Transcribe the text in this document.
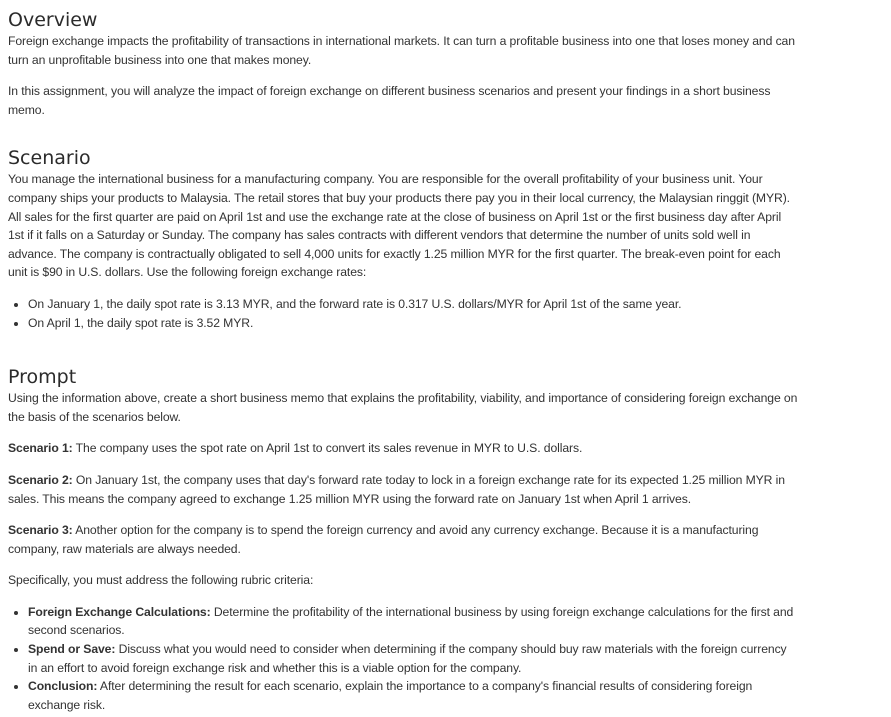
Overview

Foreign exchange impacts the profitability of transactions in international markets. It can turn a profitable business into one that loses money and can turn an unprofitable business into one that makes money.

In this assignment, you will analyze the impact of foreign exchange on different business scenarios and present your findings in a short business memo.

Scenario

You manage the international business for a manufacturing company. You are responsible for the overall profitability of your business unit. Your company ships your products to Malaysia. The retail stores that buy your products there pay you in their local currency, the Malaysian ringgit (MYR). All sales for the first quarter are paid on April 1st and use the exchange rate at the close of business on April 1st or the first business day after April 1st if it falls on a Saturday or Sunday. The company has sales contracts with different vendors that determine the number of units sold well in advance. The company is contractually obligated to sell 4,000 units for exactly 1.25 million MYR for the first quarter. The break-even point for each unit is $90 in U.S. dollars. Use the following foreign exchange rates:

• On January 1, the daily spot rate is 3.13 MYR, and the forward rate is 0.317 U.S. dollars/MYR for April 1st of the same year.
• On April 1, the daily spot rate is 3.52 MYR.
Prompt

Using the information above, create a short business memo that explains the profitability, viability, and importance of considering foreign exchange on the basis of the scenarios below.

Scenario 1: The company uses the spot rate on April 1st to convert its sales revenue in MYR to U.S. dollars.

Scenario 2: On January 1st, the company uses that day's forward rate today to lock in a foreign exchange rate for its expected 1.25 million MYR in sales. This means the company agreed to exchange 1.25 million MYR using the forward rate on January 1st when April 1 arrives.

Scenario 3: Another option for the company is to spend the foreign currency and avoid any currency exchange. Because it is a manufacturing company, raw materials are always needed.

Specifically, you must address the following rubric criteria:

• Foreign Exchange Calculations: Determine the profitability of the international business by using foreign exchange calculations for the first and second scenarios.
• Spend or Save: Discuss what you would need to consider when determining if the company should buy raw materials with the foreign currency in an effort to avoid foreign exchange risk and whether this is a viable option for the company.
• Conclusion: After determining the result for each scenario, explain the importance to a company's financial results of considering foreign exchange risk.
